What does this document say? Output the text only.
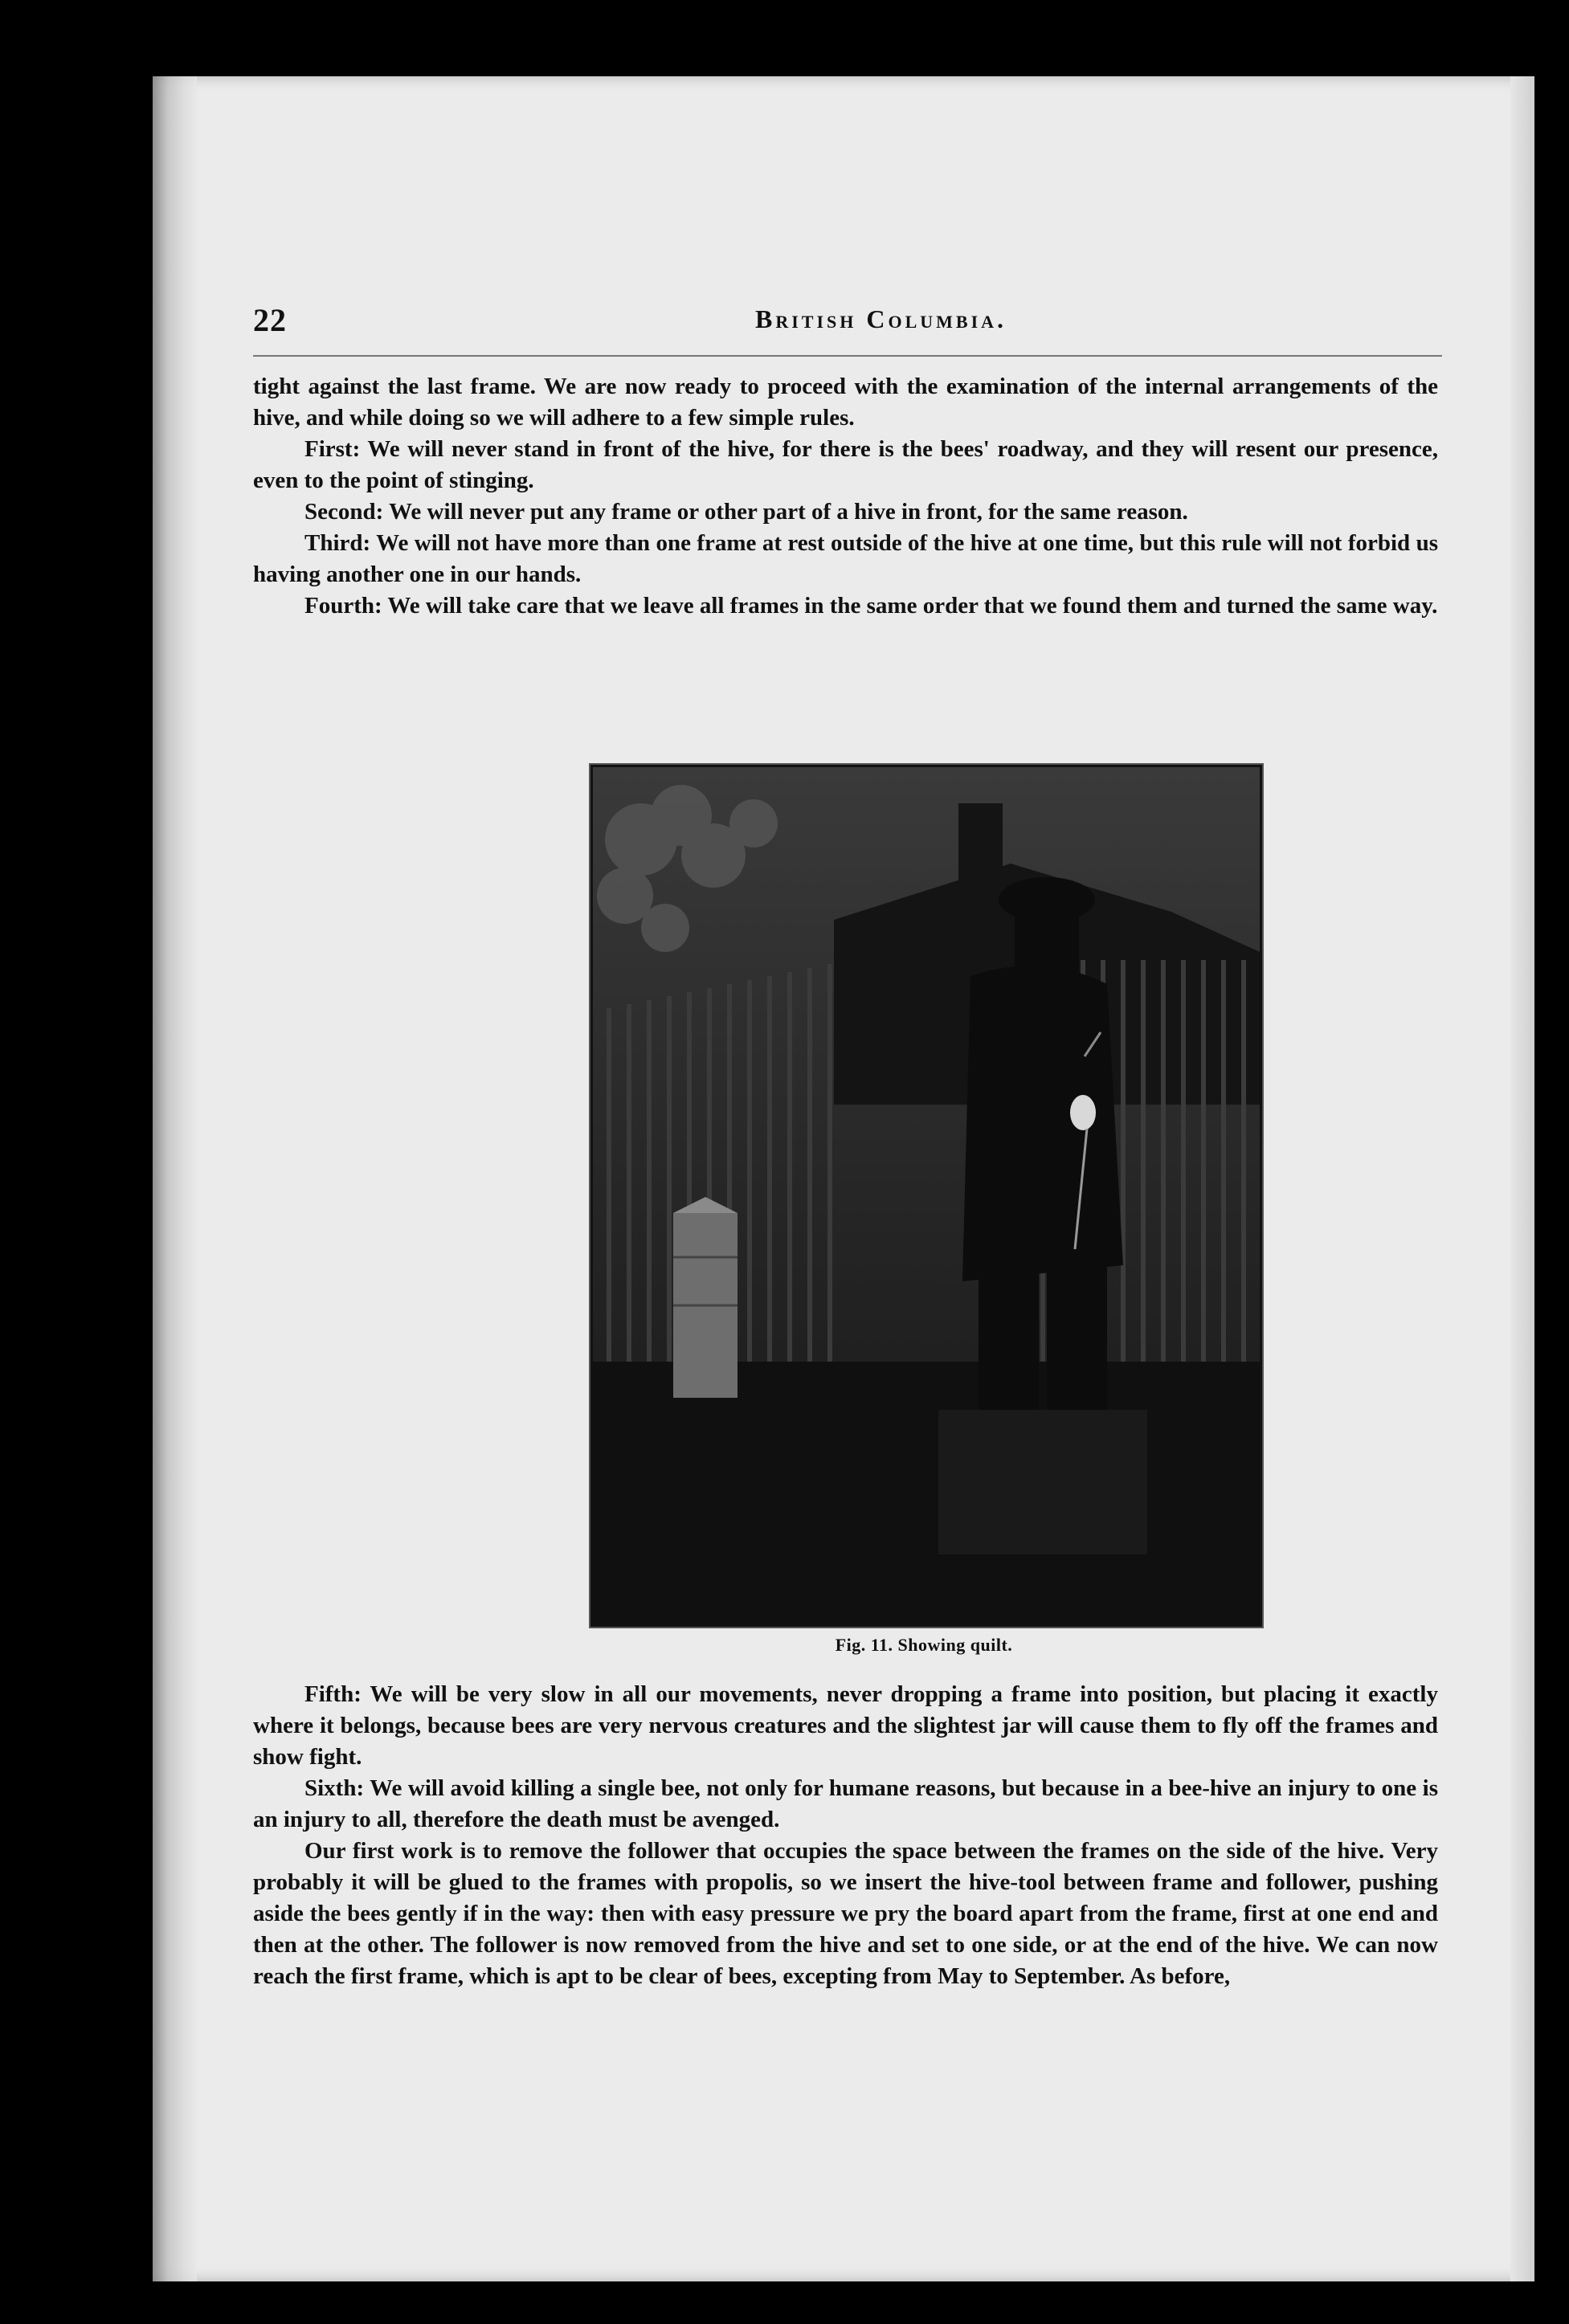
22	British Columbia.

tight against the last frame. We are now ready to proceed with the examination of the internal arrangements of the hive, and while doing so we will adhere to a few simple rules.

First: We will never stand in front of the hive, for there is the bees' roadway, and they will resent our presence, even to the point of stinging.

Second: We will never put any frame or other part of a hive in front, for the same reason.

Third: We will not have more than one frame at rest outside of the hive at one time, but this rule will not forbid us having another one in our hands.

Fourth: We will take care that we leave all frames in the same order that we found them and turned the same way.

Fig. 11. Showing quilt.

Fifth: We will be very slow in all our movements, never dropping a frame into position, but placing it exactly where it belongs, because bees are very nervous creatures and the slightest jar will cause them to fly off the frames and show fight.

Sixth: We will avoid killing a single bee, not only for humane reasons, but because in a bee-hive an injury to one is an injury to all, therefore the death must be avenged.

Our first work is to remove the follower that occupies the space between the frames on the side of the hive. Very probably it will be glued to the frames with propolis, so we insert the hive-tool between frame and follower, pushing aside the bees gently if in the way: then with easy pressure we pry the board apart from the frame, first at one end and then at the other. The follower is now removed from the hive and set to one side, or at the end of the hive. We can now reach the first frame, which is apt to be clear of bees, excepting from May to September. As before,
